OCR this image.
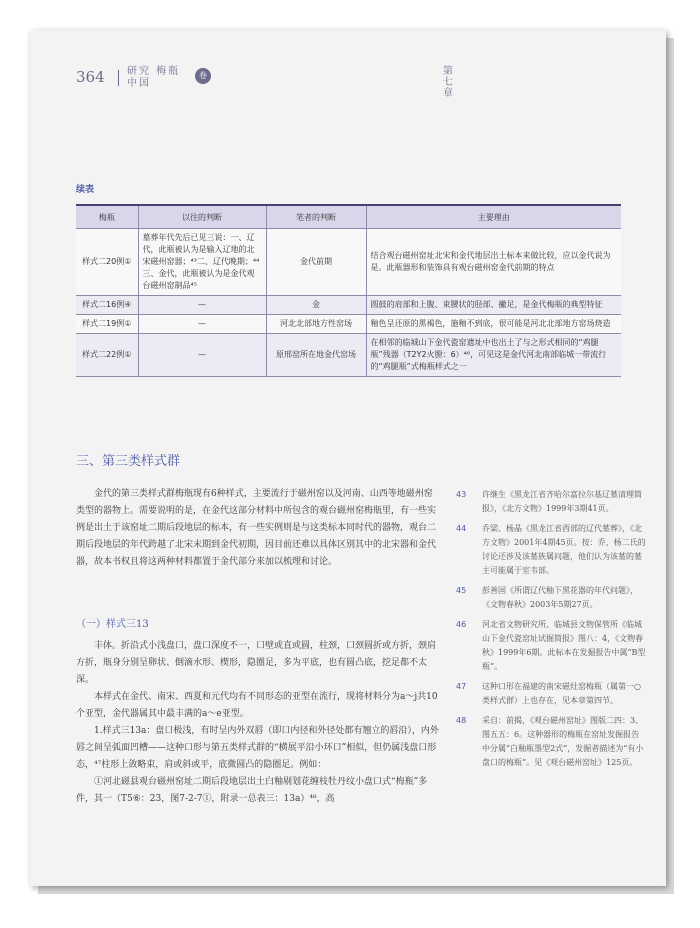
364 研究 梅瓶 中国
卷	第七章
续表
梅瓶	以往的判断	笔者的判断	主要理由
样式二20例①	墓葬年代先后已见三说：一、辽代，此瓶被认为是输入辽地的北宋磁州窑器；⁴³二、辽代晚期；⁴⁴三、金代，此瓶被认为是金代观台磁州窑制品⁴⁵	金代前期	结合观台磁州窑址北宋和金代地层出土标本来做比较，应以金代说为是。此瓶器形和装饰具有观台磁州窑金代前期的特点
样式二16例④	—	金	圆鼓的肩部和上腹、束腰状的胫部、撇足，是金代梅瓶的典型特征
样式二19例①	—	河北北部地方性窑场	釉色呈还原的黑褐色，施釉不到底，很可能是河北北部地方窑场烧造
样式二22例①	—	原邢窑所在地金代窑场	在相邻的临城山下金代瓷窑遗址中也出土了与之形式相同的“鸡腿瓶”残器（T2Y2火膛：6）⁴⁶，可见这是金代河北南部临城一带流行的“鸡腿瓶”式梅瓶样式之一
三、第三类样式群

金代的第三类样式群梅瓶现有6种样式，主要流行于磁州窑以及河南、山西等地磁州窑类型的器物上。需要说明的是，在金代这部分材料中所包含的观台磁州窑梅瓶里，有一些实例是出土于该窑址二期后段地层的标本，有一些实例则是与这类标本同时代的器物，观台二期后段地层的年代跨越了北宋末期到金代初期，因目前还难以具体区别其中的北宋器和金代器，故本书权且将这两种材料都置于金代部分来加以梳理和讨论。

（一）样式三13

丰体。折沿式小浅盘口，盘口深度不一，口壁或直或圆，柱颈，口颈圆折或方折，颈肩方折，瓶身分别呈卵状、倒滴水形、楔形，隐圈足，多为平底，也有圆凸底，挖足都不太深。

本样式在金代、南宋、西夏和元代均有不同形态的亚型在流行，现将材料分为a～j共10个亚型，金代器属其中最丰满的a～e亚型。

1.样式三13a：盘口极浅，有时呈内外双唇（即口内径和外径处都有翘立的唇沿），内外唇之间呈弧面凹槽——这种口形与第五类样式群的“横展平沿小环口”相似，但仍属浅盘口形态，⁴⁷柱形上敛略束，肩或斜或平，底微圆凸的隐圈足。例如：

①河北磁县观台磁州窑址二期后段地层出土白釉剔划花缠枝牡丹纹小盘口式“梅瓶”多件，其一（T5⑥：23，图7-2-7①，附录一总表三：13a）⁴⁸，高

43 许继生《黑龙江省齐哈尔富拉尔基辽墓清理简报》，《北方文物》1999年3期41页。
44 乔梁、杨晶《黑龙江省西部的辽代墓葬》，《北方文物》2001年4期45页。按：乔、杨二氏的讨论还涉及该墓族属问题，他们认为该墓的墓主可能属于室韦部。
45 彭善国《所谓辽代釉下黑花器的年代问题》，《文物春秋》2003年5期27页。
46 河北省文物研究所、临城县文物保管所《临城山下金代瓷窑址试掘简报》图八：4，《文物春秋》1999年6期。此标本在发掘报告中属“B型瓶”。
47 这种口形在福建的南宋磁灶窑梅瓶（属第一○类样式群）上也存在，见本章第四节。
48 采自：前揭，《观台磁州窑址》图版二四：3、图五五：6。这种器形的梅瓶在窑址发掘报告中分属“白釉瓶墨型2式”，发掘者描述为“有小盘口的梅瓶”。见《观台磁州窑址》125页。
